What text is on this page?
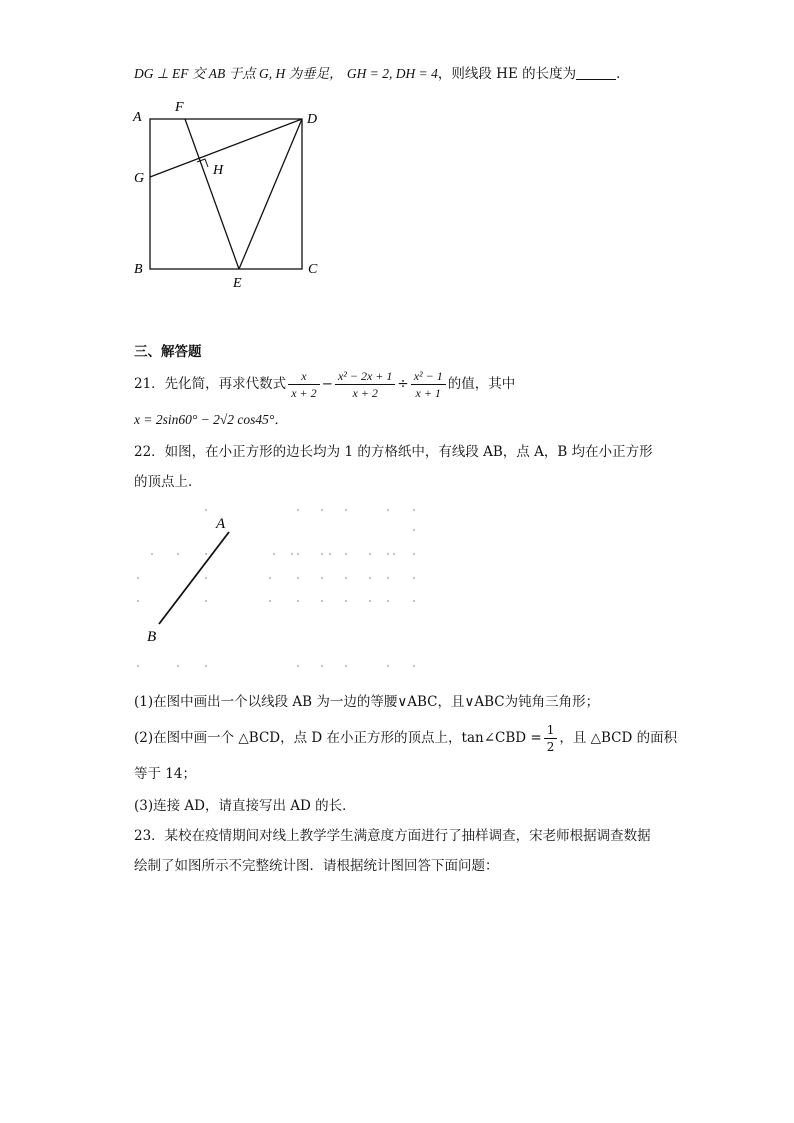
DG ⊥ EF 交 AB 于点 G, H 为垂足， GH = 2, DH = 4，则线段 HE 的长度为	．
A
F
D
G
H
B	C
E
三、解答题
21．先化简，再求代数式 $\frac{x}{x + 2} - \frac{\text{x² − 2x + 1}}{x + 2} \div \frac{\text{x² − 1}}{x + 1}$ 的值，其中
x = 2sin60° − 2√2 cos45°．
22．如图，在小正方形的边长均为 1 的方格纸中，有线段 AB，点 A，B 均在小正方形
的顶点上．
A
B
(1)在图中画出一个以线段 AB 为一边的等腰∨ABC，且∨ABC为钝角三角形；
(2)在图中画一个 △BCD，点 D 在小正方形的顶点上，tan∠CBD = $\frac{1}{2}$ ，且 △BCD 的面积
等于 14；
(3)连接 AD，请直接写出 AD 的长．
23．某校在疫情期间对线上教学学生满意度方面进行了抽样调查，宋老师根据调查数据
绘制了如图所示不完整统计图．请根据统计图回答下面问题：
